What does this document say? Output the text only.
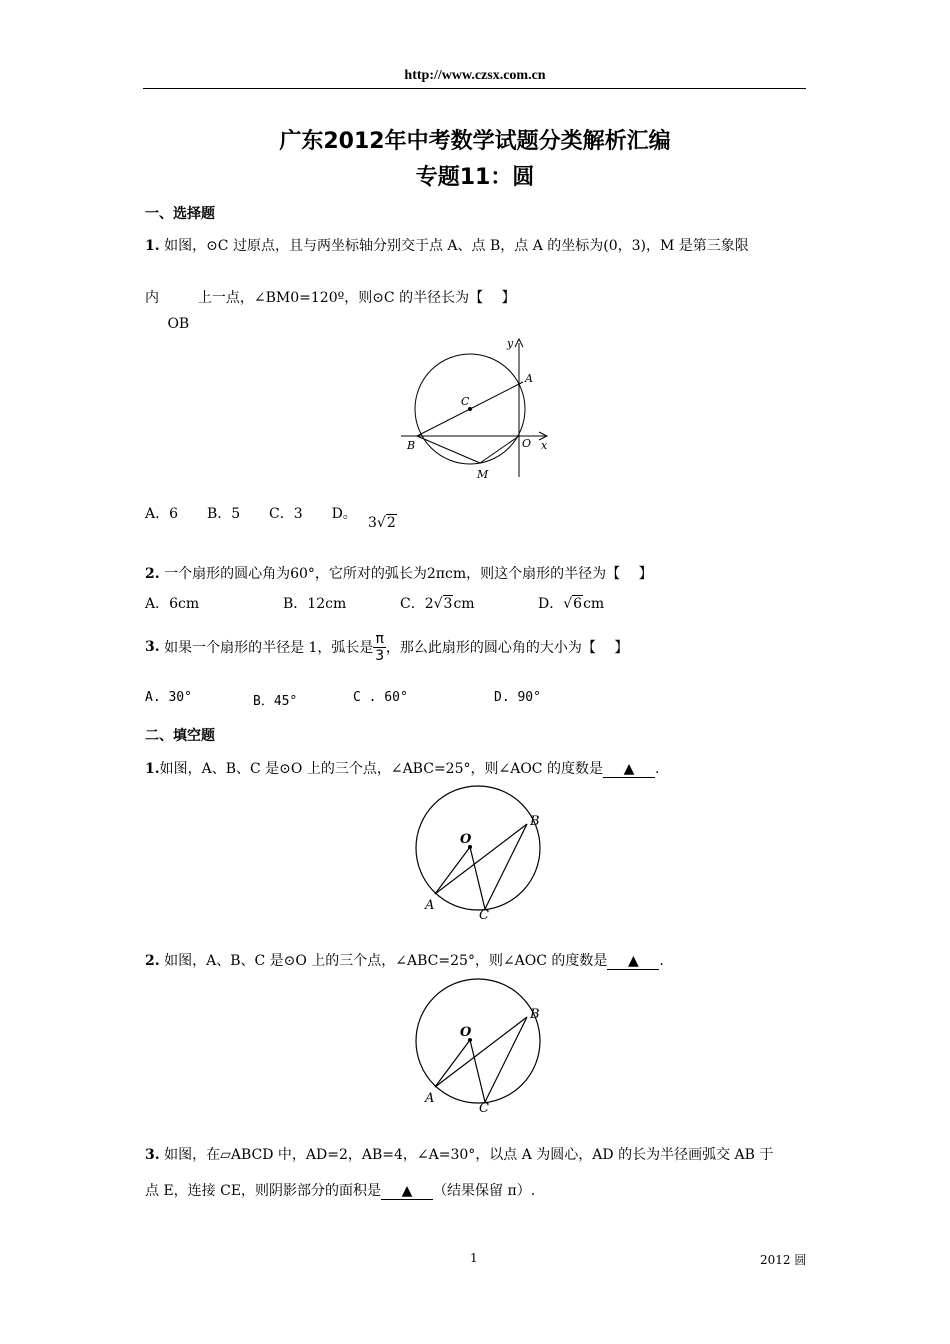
http://www.czsx.com.cn
广东2012年中考数学试题分类解析汇编
专题11：圆
一、选择题
1. 如图，⊙C 过原点，且与两坐标轴分别交于点 A、点 B，点 A 的坐标为(0，3)，M 是第三象限
内
OB
上一点，∠BM0=120º，则⊙C 的半径长为【　 】
y
A
C
B	O x
M
A．6 B．5 C．3 D。
3√2
2. 一个扇形的圆心角为60°，它所对的弧长为2πcm，则这个扇形的半径为【　 】
A．6cm	B．12cm	C．2√3cm	D．√6cm
3.
如果一个扇形的半径是 1，弧长是 $\frac{\pi}{3}$ ，那么此扇形的圆心角的大小为【　 】
A. 30°	B．45°	C . 60°	D. 90°
二、填空题
1.如图，A、B、C 是⊙O 上的三个点，∠ABC=25°，则∠AOC 的度数是 ▲ .
O
A
B
C
2. 如图，A、B、C 是⊙O 上的三个点，∠ABC=25°，则∠AOC 的度数是 ▲ .
O
A
B
C
3. 如图，在▱ABCD 中，AD=2，AB=4，∠A=30°，以点 A 为圆心，AD 的长为半径画弧交 AB 于
点 E，连接 CE，则阴影部分的面积是 ▲ （结果保留 π）.
1	2012 圆
